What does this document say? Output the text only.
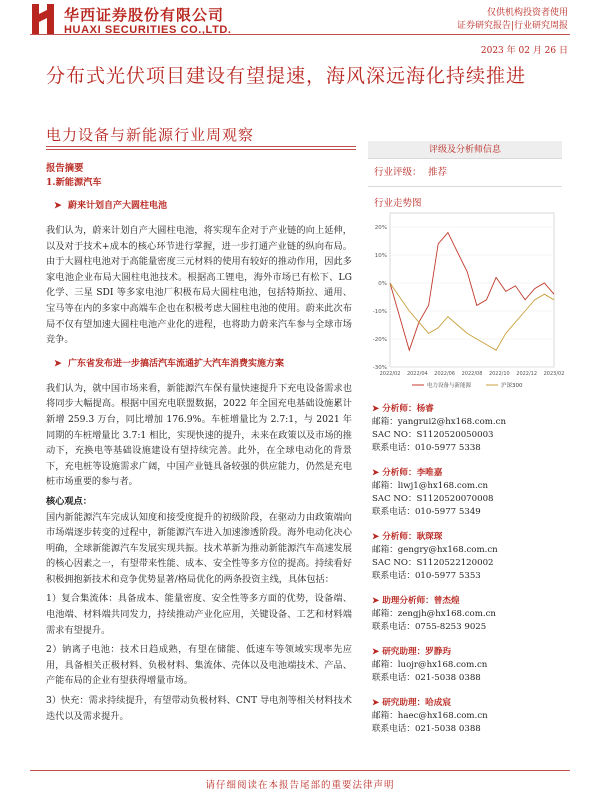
华西证券股份有限公司
HUAXI SECURITIES CO.,LTD.
仅供机构投资者使用
证券研究报告|行业研究周报
2023 年 02 月 26 日
分布式光伏项目建设有望提速，海风深远海化持续推进
电力设备与新能源行业周观察
报告摘要
1.新能源汽车
➤ 蔚来计划自产大圆柱电池
我们认为，蔚来计划自产大圆柱电池，将实现车企对于产业链的向上延伸，以及对于技术+成本的核心环节进行掌握，进一步打通产业链的纵向布局。由于大圆柱电池对于高能量密度三元材料的使用有较好的推动作用，因此多家电池企业布局大圆柱电池技术。根据高工锂电，海外市场已有松下、LG 化学、三星 SDI 等多家电池厂积极布局大圆柱电池，包括特斯拉、通用、宝马等在内的多家中高端车企也在积极考虑大圆柱电池的使用。蔚来此次布局不仅有望加速大圆柱电池产业化的进程，也将助力蔚来汽车参与全球市场竞争。
➤ 广东省发布进一步搞活汽车流通扩大汽车消费实施方案
我们认为，就中国市场来看，新能源汽车保有量快速提升下充电设备需求也将同步大幅提高。根据中国充电联盟数据，2022 年全国充电基础设施累计新增 259.3 万台，同比增加 176.9%。车桩增量比为 2.7:1，与 2021 年同期的车桩增量比 3.7:1 相比，实现快速的提升，未来在政策以及市场的推动下，充换电等基础设施建设有望持续完善。此外，在全球电动化的背景下，充电桩等设施需求广阔，中国产业链具备较强的供应能力，仍然是充电桩市场重要的参与者。
核心观点：
国内新能源汽车完成认知度和接受度提升的初级阶段，在驱动力由政策端向市场端逐步转变的过程中，新能源汽车进入加速渗透阶段。海外电动化决心明确，全球新能源汽车发展实现共振。技术革新为推动新能源汽车高速发展的核心因素之一，有望带来性能、成本、安全性等多方位的提高。持续看好积极拥抱新技术和竞争优势显著/格局优化的两条投资主线，具体包括：
1）复合集流体：具备成本、能量密度、安全性等多方面的优势，设备端、电池端、材料端共同发力，持续推动产业化应用，关键设备、工艺和材料端需求有望提升。
2）钠离子电池：技术日趋成熟，有望在储能、低速车等领域实现率先应用，具备相关正极材料、负极材料、集流体、壳体以及电池端技术、产品、产能布局的企业有望获得增量市场。
3）快充：需求持续提升，有望带动负极材料、CNT 导电剂等相关材料技术迭代以及需求提升。
评级及分析师信息
行业评级： 推荐
行业走势图
20%
10%
0%
-10%
-20%
-30%
2022/02 2022/04 2022/06 2022/08 2022/10 2022/12 2023/02
电力设备与新能源	沪深300
➤ 分析师：杨睿
邮箱：yangrui2@hx168.com.cn
SAC NO：S1120520050003
联系电话：010-5977 5338
➤ 分析师：李唯嘉
邮箱：liwj1@hx168.com.cn
SAC NO：S1120520070008
联系电话：010-5977 5349
➤ 分析师：耿琛琛
邮箱：gengry@hx168.com.cn
SAC NO：S1120522120002
联系电话：010-5977 5353
➤ 助理分析师：曾杰煌
邮箱：zengjh@hx168.com.cn
联系电话：0755-8253 9025
➤ 研究助理：罗静玙
邮箱：luojr@hx168.com.cn
联系电话：021-5038 0388
➤ 研究助理：哈成宸
邮箱：haec@hx168.com.cn
联系电话：021-5038 0388
请仔细阅读在本报告尾部的重要法律声明
